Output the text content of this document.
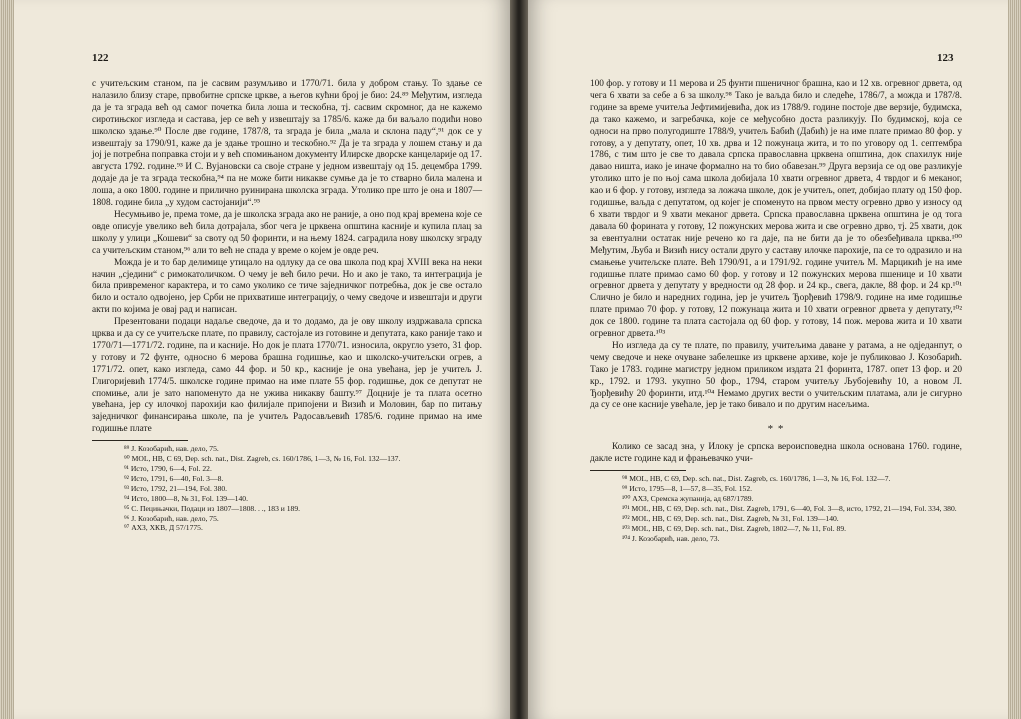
122

с учитељским станом, па је сасвим разумљиво и 1770/71. била у добром стању. То здање се налазило близу старе, првобитне српске цркве, а његов кућни број је био: 24.⁸⁹ Међутим, изгледа да је та зграда већ од самог почетка била лоша и тескобна, тј. сасвим скромног, да не кажемо сиротињског изгледа и састава, јер се већ у извештају за 1785/6. каже да би ваљало подићи ново школско здање.⁹⁰ После две године, 1787/8, та зграда је била „мала и склона паду“,⁹¹ док се у извештају за 1790/91, каже да је здање трошно и тескобно.⁹² Да је та зграда у лошем стању и да јој је потребна поправка стоји и у већ спомињаном документу Илирске дворске канцеларије од 17. августа 1792. године.⁹³ И С. Вујановски са своје стране у једном извештају од 15. децембра 1799. додаје да је та зграда тескобна,⁹⁴ па не може бити никакве сумње да је то стварно била малена и лоша, а око 1800. године и прилично руинирана школска зграда. Утолико пре што је она и 1807—1808. године била „у худом састојанији“.⁹⁵

Несумњиво је, према томе, да је школска зграда ако не раније, а оно под крај времена које се овде описује увелико већ била дотрајала, због чега је црквена општина касније и купила плац за школу у улици „Кошеви“ за своту од 50 форинти, и на њему 1824. саградила нову школску зграду са учитељским станом,⁹⁶ али то већ не спада у време о којем је овде реч.

Можда је и то бар делимице утицало на одлуку да се ова школа под крај XVIII века на неки начин „сједини“ с римокатоличком. О чему је већ било речи. Но и ако је тако, та интеграција је била привременог карактера, и то само уколико се тиче заједничког потребња, док је све остало било и остало одвојено, јер Срби не прихватише интеграцију, о чему сведоче и извештаји и други акти по којима је овај рад и написан.

Презентовани подаци надаље сведоче, да и то додамо, да је ову школу издржавала српска црква и да су се учитељске плате, по правилу, састојале из готовине и депутата, како раније тако и 1770/71—1771/72. године, па и касније. Но док је плата 1770/71. износила, округло узето, 31 фор. у готову и 72 фунте, односно 6 мерова брашна годишње, као и школско-учитељски огрев, а 1771/72. опет, како изгледа, само 44 фор. и 50 кр., касније је она увећана, јер је учитељ Ј. Глигоријевић 1774/5. школске године примао на име плате 55 фор. годишње, док се депутат не спомиње, али је зато напоменуто да не ужива никакву башту.⁹⁷ Доцније је та плата осетно увећана, јер су илочкој парохији као филијале припојени и Визић и Моловин, бар по питању заједничког финансирања школе, па је учитељ Радосављевић 1785/6. године примао на име годишње плате

⁸⁹ Ј. Козобарић, нав. дело, 75.

⁹⁰ MOL, HB, C 69, Dep. sch. nat., Dist. Zagreb, cs. 160/1786, 1—3, № 16, Fol. 132—137.

⁹¹ Исто, 1790, 6—4, Fol. 22.

⁹² Исто, 1791, 6—40, Fol. 3—8.

⁹³ Исто, 1792, 21—194, Fol. 380.

⁹⁴ Исто, 1800—8, № 31, Fol. 139—140.

⁹⁵ С. Пецињачки, Подаци из 1807—1808. . ., 183 и 189.

⁹⁶ Ј. Козобарић, нав. дело, 75.

⁹⁷ АХЗ, ХКВ, Д 57/1775.

123

100 фор. у готову и 11 мерова и 25 фунти пшеничног брашна, као и 12 хв. огревног дрвета, од чега 6 хвати за себе а 6 за школу.⁹⁸ Тако је ваљда било и следеће, 1786/7, а можда и 1787/8. године за време учитеља Јефтимијевића, док из 1788/9. године постоје две верзије, будимска, да тако кажемо, и загребачка, које се међусобно доста разликују. По будимској, која се односи на прво полугодиште 1788/9, учитељ Бабић (Дабић) је на име плате примао 80 фор. у готову, а у депутату, опет, 10 хв. дрва и 12 пожунаца жита, и то по уговору од 1. септембра 1786, с тим што је све то давала српска православна црквена општина, док спахилук није давао ништа, иако је иначе формално на то био обавезан.⁹⁹ Друга верзија се од ове разликује утолико што је по њој сама школа добијала 10 хвати огревног дрвета, 4 тврдог и 6 меканог, као и 6 фор. у готову, изгледа за ложача школе, док је учитељ, опет, добијао плату од 150 фор. годишње, ваљда с депутатом, од којег је споменуто на првом месту огревно дрво у износу од 6 хвати тврдог и 9 хвати меканог дрвета. Српска православна црквена општина је од тога давала 60 форината у готову, 12 пожунских мерова жита и све огревно дрво, тј. 25 хвати, док за евентуални остатак није речено ко га даје, па не бити да је то обезбеђивала црква.¹⁰⁰ Међутим, Љуба и Визић нису остали друго у саставу илочке парохије, па се то одразило и на смањење учитељске плате. Већ 1790/91, а и 1791/92. године учитељ М. Марцикић је на име годишње плате примао само 60 фор. у готову и 12 пожунских мерова пшенице и 10 хвати огревног дрвета у депутату у вредности од 28 фор. и 24 кр., свега, дакле, 88 фор. и 24 кр.¹⁰¹ Слично је било и наредних година, јер је учитељ Ђорђевић 1798/9. године на име годишње плате примао 70 фор. у готову, 12 пожунаца жита и 10 хвати огревног дрвета у депутату,¹⁰² док се 1800. године та плата састојала од 60 фор. у готову, 14 пож. мерова жита и 10 хвати огревног дрвета.¹⁰³

Но изгледа да су те плате, по правилу, учитељима даване у ратама, а не одједанпут, о чему сведоче и неке очуване забелешке из црквене архиве, које је публиковао Ј. Козобарић. Тако је 1783. године магистру једном приликом издата 21 форинта, 1787. опет 13 фор. и 20 кр., 1792. и 1793. укупно 50 фор., 1794, старом учитељу Љубојевићу 10, а новом Л. Ђорђевићу 20 форинти, итд.¹⁰⁴ Немамо других вести о учитељским платама, али је сигурно да су се оне касније увећале, јер је тако бивало и по другим насељима.

* *

Колико се засад зна, у Илоку је српска вероисповедна школа основана 1760. године, дакле исте године кад и фрањевачко учи-

⁹⁸ MOL, HB, C 69, Dep. sch. nat., Dist. Zagreb, cs. 160/1786, 1—3, № 16, Fol. 132—7.

⁹⁹ Исто, 1795—8, 1—57, 8—35, Fol. 152.

¹⁰⁰ АХЗ, Сремска жупанија, ад 687/1789.

¹⁰¹ MOL, HB, C 69, Dep. sch. nat., Dist. Zagreb, 1791, 6—40, Fol. 3—8, исто, 1792, 21—194, Fol. 334, 380.

¹⁰² MOL, HB, C 69, Dep. sch. nat., Dist. Zagreb, № 31, Fol. 139—140.

¹⁰³ MOL, HB, C 69, Dep. sch. nat., Dist. Zagreb, 1802—7, № 11, Fol. 89.

¹⁰⁴ Ј. Козобарић, нав. дело, 73.
